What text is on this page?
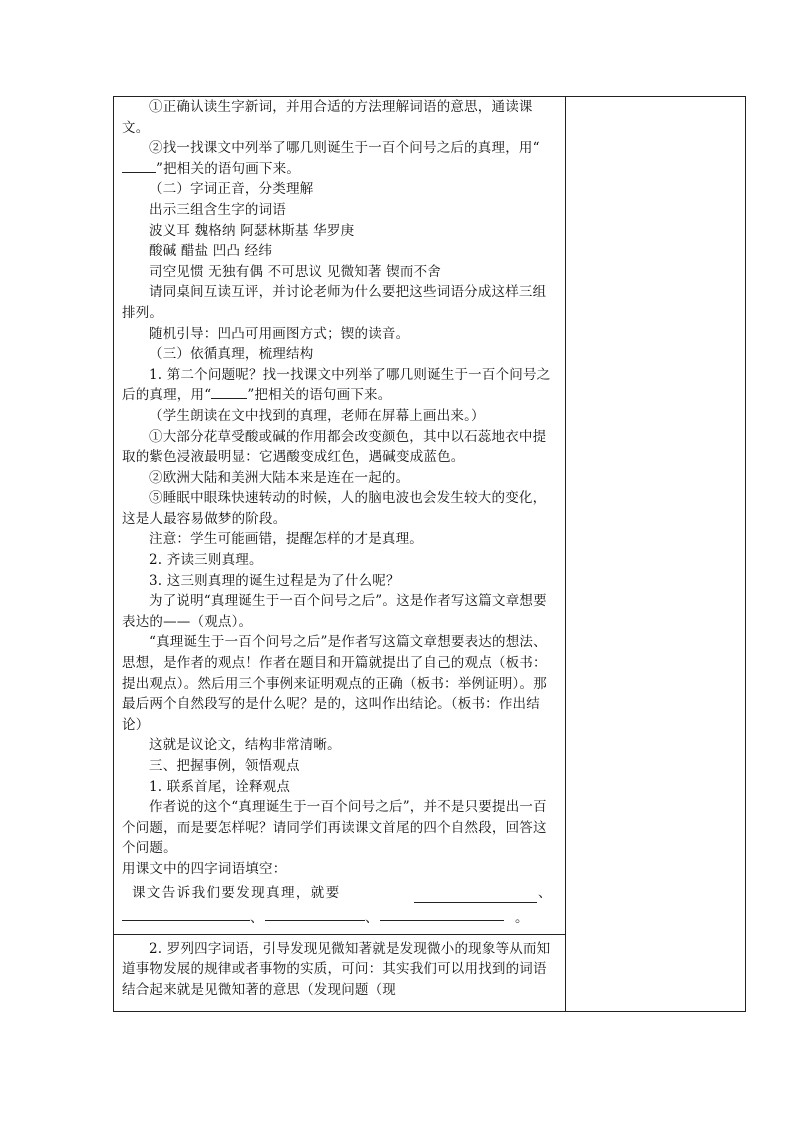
①正确认读生字新词，并用合适的方法理解词语的意思，通读课文。

②找一找课文中列举了哪几则诞生于一百个问号之后的真理，用“”把相关的语句画下来。

（二）字词正音，分类理解

出示三组含生字的词语

波义耳 魏格纳 阿瑟林斯基 华罗庚

酸碱 醋盐 凹凸 经纬

司空见惯 无独有偶 不可思议 见微知著 锲而不舍

请同桌间互读互评，并讨论老师为什么要把这些词语分成这样三组排列。

随机引导：凹凸可用画图方式；锲的读音。

（三）依循真理，梳理结构

1. 第二个问题呢？找一找课文中列举了哪几则诞生于一百个问号之后的真理，用“	”把相关的语句画下来。

（学生朗读在文中找到的真理，老师在屏幕上画出来。）

①大部分花草受酸或碱的作用都会改变颜色，其中以石蕊地衣中提取的紫色浸液最明显：它遇酸变成红色，遇碱变成蓝色。

②欧洲大陆和美洲大陆本来是连在一起的。

⑤睡眠中眼珠快速转动的时候，人的脑电波也会发生较大的变化，这是人最容易做梦的阶段。

注意：学生可能画错，提醒怎样的才是真理。

2. 齐读三则真理。

3. 这三则真理的诞生过程是为了什么呢？

为了说明“真理诞生于一百个问号之后”。这是作者写这篇文章想要表达的——（观点）。

“真理诞生于一百个问号之后”是作者写这篇文章想要表达的想法、思想，是作者的观点！作者在题目和开篇就提出了自己的观点（板书：提出观点）。然后用三个事例来证明观点的正确（板书：举例证明）。那最后两个自然段写的是什么呢？是的，这叫作出结论。（板书：作出结论）

这就是议论文，结构非常清晰。

三、把握事例，领悟观点

1. 联系首尾，诠释观点

作者说的这个“真理诞生于一百个问号之后”，并不是只要提出一百个问题，而是要怎样呢？请同学们再读课文首尾的四个自然段，回答这个问题。

用课文中的四字词语填空：

课文告诉我们要发现真理，就要	、
、	、	。

2. 罗列四字词语，引导发现见微知著就是发现微小的现象等从而知道事物发展的规律或者事物的实质，可问：其实我们可以用找到的词语结合起来就是见微知著的意思（发现问题（现
